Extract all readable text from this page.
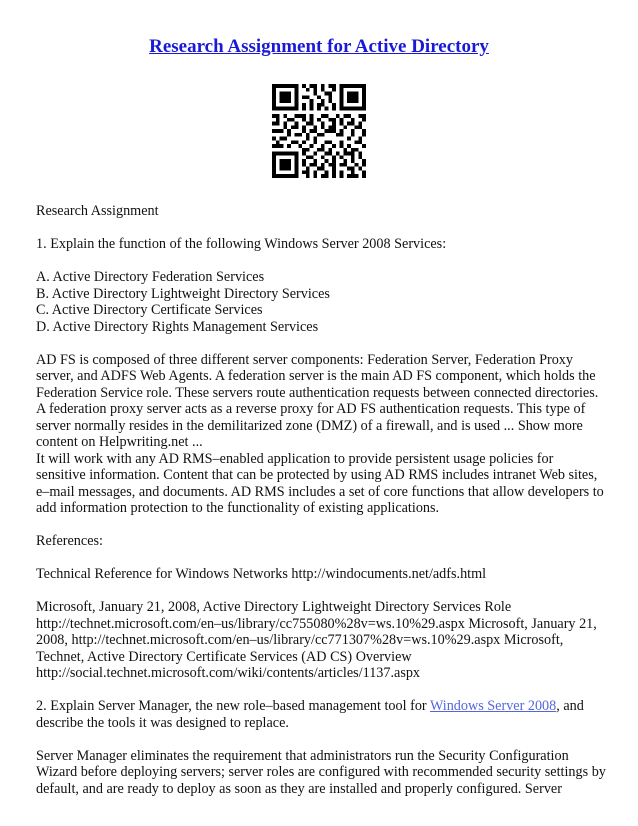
Research Assignment for Active Directory

Research Assignment

1. Explain the function of the following Windows Server 2008 Services:

A. Active Directory Federation Services

B. Active Directory Lightweight Directory Services

C. Active Directory Certificate Services

D. Active Directory Rights Management Services

AD FS is composed of three different server components: Federation Server, Federation Proxy server, and ADFS Web Agents. A federation server is the main AD FS component, which holds the Federation Service role. These servers route authentication requests between connected directories. A federation proxy server acts as a reverse proxy for AD FS authentication requests. This type of server normally resides in the demilitarized zone (DMZ) of a firewall, and is used ... Show more content on Helpwriting.net ...

It will work with any AD RMS–enabled application to provide persistent usage policies for sensitive information. Content that can be protected by using AD RMS includes intranet Web sites, e–mail messages, and documents. AD RMS includes a set of core functions that allow developers to add information protection to the functionality of existing applications.

References:

Technical Reference for Windows Networks http://windocuments.net/adfs.html

Microsoft, January 21, 2008, Active Directory Lightweight Directory Services Role http://technet.microsoft.com/en–us/library/cc755080%28v=ws.10%29.aspx Microsoft, January 21, 2008, http://technet.microsoft.com/en–us/library/cc771307%28v=ws.10%29.aspx Microsoft, Technet, Active Directory Certificate Services (AD CS) Overview http://social.technet.microsoft.com/wiki/contents/articles/1137.aspx

2. Explain Server Manager, the new role–based management tool for Windows Server 2008, and describe the tools it was designed to replace.

Server Manager eliminates the requirement that administrators run the Security Configuration Wizard before deploying servers; server roles are configured with recommended security settings by default, and are ready to deploy as soon as they are installed and properly configured. Server
